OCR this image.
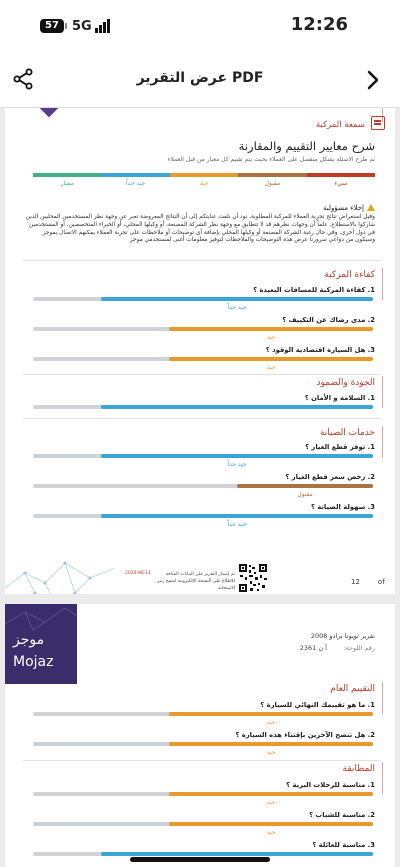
57	5G	12:26
عرض التقرير PDF
سمعة المركبة
شرح معايير التقييم والمقارنة
تم طرح الاسئلة بشكل منفصل على العملاء بحيث يتم تقييم كل معيار من قبل العملاء
ممتاز	جيد جداً	جيد	مقبول	سيء
إخلاء مسؤولية
وفيل استعراض نتائج تجربة العملاء للمركبة المطلوبة، نود أن نلفت عنايتكم إلى أن النتائج المعروضة تعبر عن وجهة نظر المستخدمين المحليين الذين شاركوا بالاستطلاع. علماً أن وجهات نظرهم قد لا تتطابق مع وجهة نظر الشركة المصنعة، أو وكيلها المحلي، أو الخبراء المتخصصين، أو المستخدمين في دول أخرى. وفي حال رغبة الشركة المصنعة أو وكيلها المحلي بإضافة أي توضيحات أو ملاحظات على تجربة العملاء يمكنهم الاتصال بموجز وسيكون من دواعي سرورنا عرض هذه التوضيحات والملاحظات لتوفير معلومات أغنى لمستخدمي موجز
كفاءة المركبة
1. كفاءة المركبة للمسافات البعيدة ؟
جيد جداً
2. مدى رضاك عن التكييف ؟
جيد
3. هل السيارة اقتصادية الوقود ؟
جيد
الجودة والصمود
1. السلامة و الأمان ؟
خدمات الصيانة
1. توفر قطع الغيار ؟
جيد جداً
2. رخص سعر قطع الغيار ؟
مقبول
3. سهولة الصيانة ؟
جيد جداً
2024-06-11	تم إصدار التقرير على البيانات المتاحة للاطلاع على النسخة الإلكترونية امسح رمز الاستجابة
12	of
موجز
Mojaz
تقرير تويوتا برادو 2008
رقم اللوحة:
أ ن 2361
التقييم العام
1. ما هو تقييمك النهائي للسيارة ؟
جيد
2. هل تنصح الآخرين بإقتناء هذه السيارة ؟
جيد
المطابقة
1. مناسبة للرحلات البرية ؟
جيد
2. مناسبة للشباب ؟
جيد
3. مناسبة للعائلة ؟
